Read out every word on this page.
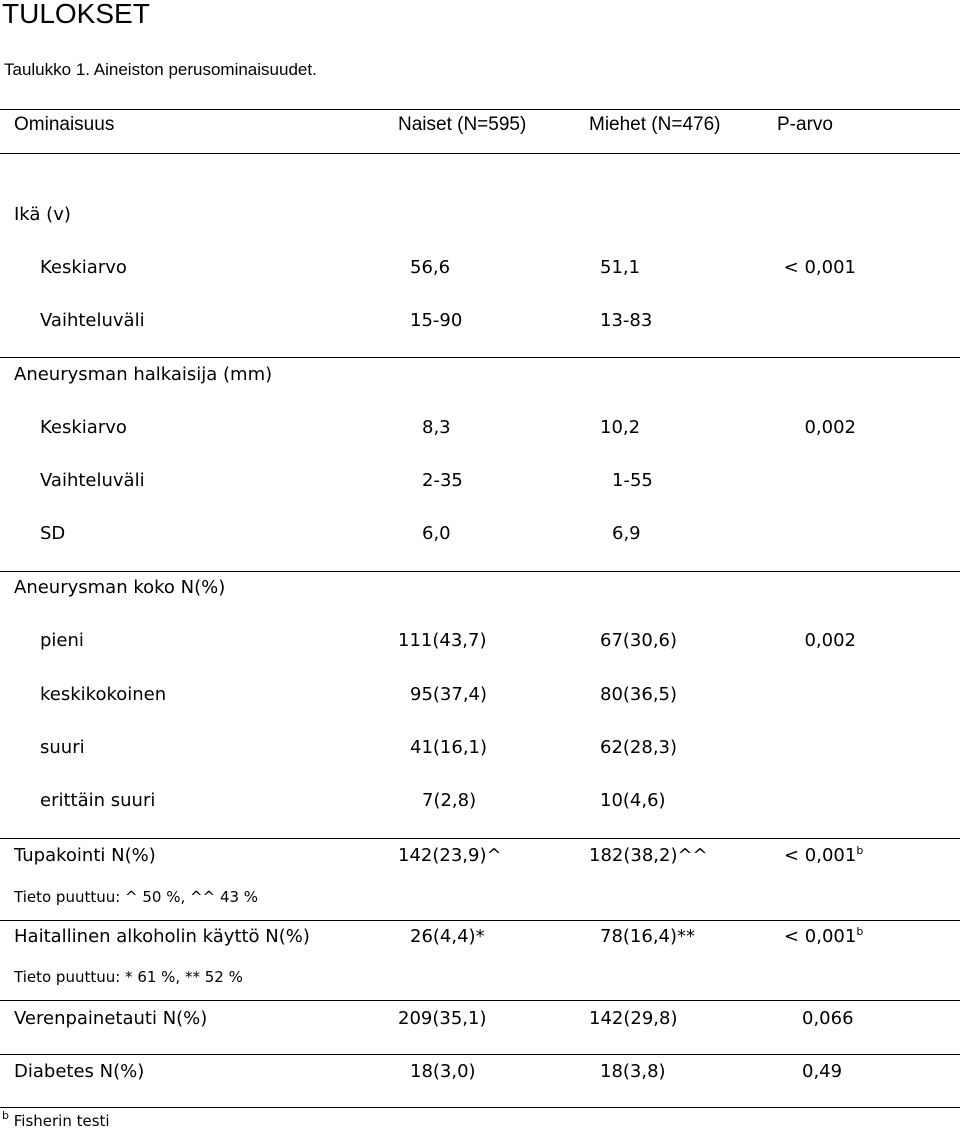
TULOKSET
Taulukko 1. Aineiston perusominaisuudet.
Ominaisuus	Naiset (N=595)	Miehet (N=476)	P-arvo
Ikä (v)
Keskiarvo	56,6	51,1	< 0,001
Vaihteluväli	15-90	13-83
Aneurysman halkaisija (mm)
Keskiarvo	8,3	10,2	0,002
Vaihteluväli	2-35	1-55
SD	6,0	6,9
Aneurysman koko N(%)
pieni	111(43,7)	67(30,6)	0,002
keskikokoinen	95(37,4)	80(36,5)
suuri	41(16,1)	62(28,3)
erittäin suuri	7(2,8)	10(4,6)
Tupakointi N(%)	142(23,9)^	182(38,2)^^	< 0,001$^b$
Tieto puuttuu: ^ 50 %, ^^ 43 %
Haitallinen alkoholin käyttö N(%)	26(4,4)*	78(16,4)**	< 0,001$^b$
Tieto puuttuu: * 61 %, ** 52 %
Verenpainetauti N(%)	209(35,1)	142(29,8)	0,066
Diabetes N(%)	18(3,0)	18(3,8)	0,49
$^b$ Fisherin testi
